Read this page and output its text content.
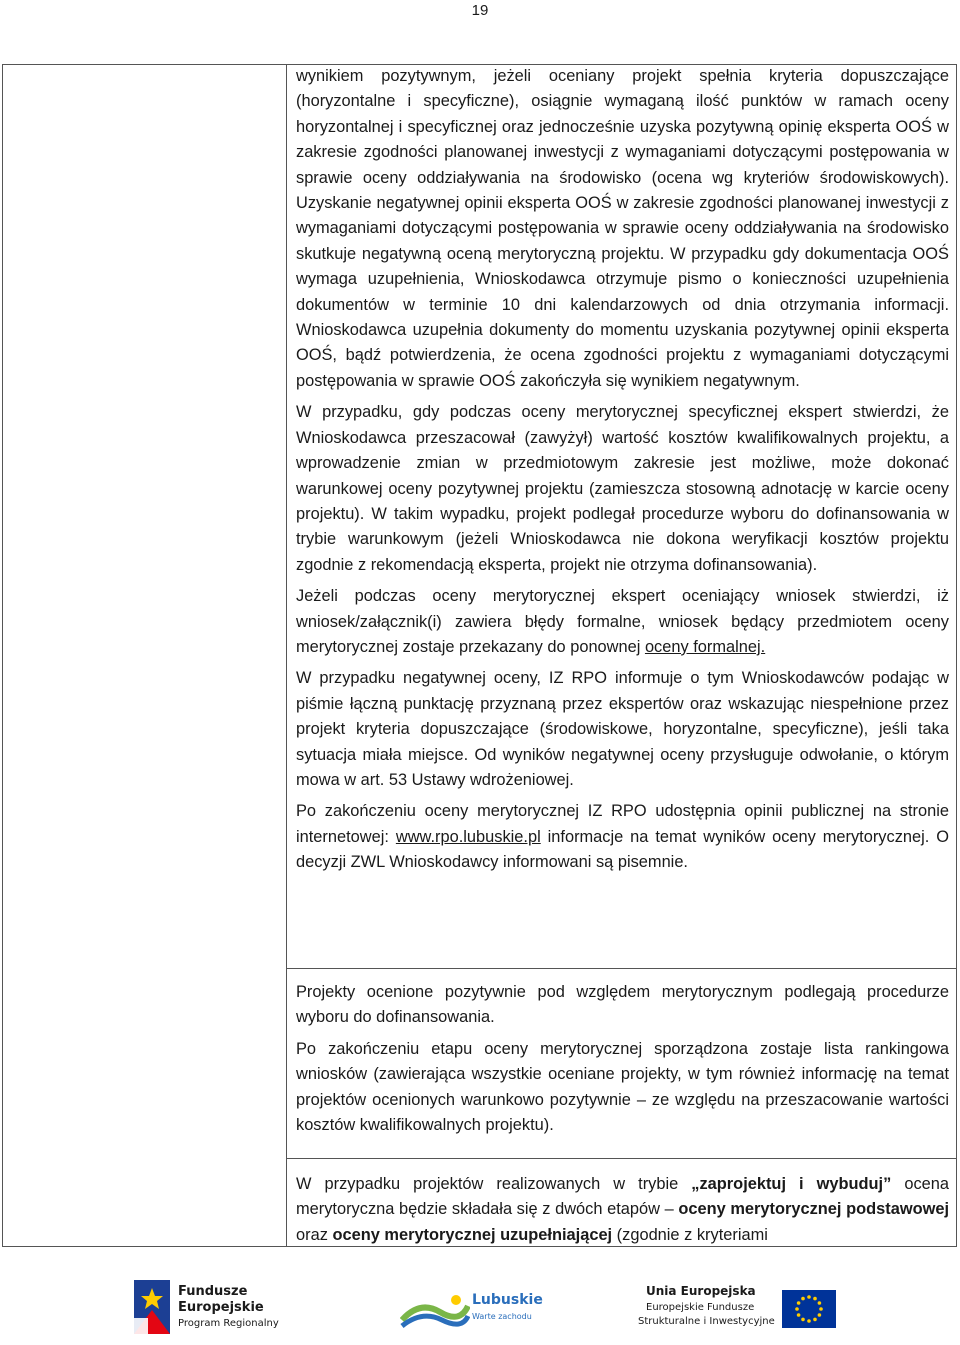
19

wynikiem pozytywnym, jeżeli oceniany projekt spełnia kryteria dopuszczające (horyzontalne i specyficzne), osiągnie wymaganą ilość punktów w ramach oceny horyzontalnej i specyficznej oraz jednocześnie uzyska pozytywną opinię eksperta OOŚ w zakresie zgodności planowanej inwestycji z wymaganiami dotyczącymi postępowania w sprawie oceny oddziaływania na środowisko (ocena wg kryteriów środowiskowych). Uzyskanie negatywnej opinii eksperta OOŚ w zakresie zgodności planowanej inwestycji z wymaganiami dotyczącymi postępowania w sprawie oceny oddziaływania na środowisko skutkuje negatywną oceną merytoryczną projektu. W przypadku gdy dokumentacja OOŚ wymaga uzupełnienia, Wnioskodawca otrzymuje pismo o konieczności uzupełnienia dokumentów w terminie 10 dni kalendarzowych od dnia otrzymania informacji. Wnioskodawca uzupełnia dokumenty do momentu uzyskania pozytywnej opinii eksperta OOŚ, bądź potwierdzenia, że ocena zgodności projektu z wymaganiami dotyczącymi postępowania w sprawie OOŚ zakończyła się wynikiem negatywnym.

W przypadku, gdy podczas oceny merytorycznej specyficznej ekspert stwierdzi, że Wnioskodawca przeszacował (zawyżył) wartość kosztów kwalifikowalnych projektu, a wprowadzenie zmian w przedmiotowym zakresie jest możliwe, może dokonać warunkowej oceny pozytywnej projektu (zamieszcza stosowną adnotację w karcie oceny projektu). W takim wypadku, projekt podlegał procedurze wyboru do dofinansowania w trybie warunkowym (jeżeli Wnioskodawca nie dokona weryfikacji kosztów projektu zgodnie z rekomendacją eksperta, projekt nie otrzyma dofinansowania).

Jeżeli podczas oceny merytorycznej ekspert oceniający wniosek stwierdzi, iż wniosek/załącznik(i) zawiera błędy formalne, wniosek będący przedmiotem oceny merytorycznej zostaje przekazany do ponownej oceny formalnej.

W przypadku negatywnej oceny, IZ RPO informuje o tym Wnioskodawców podając w piśmie łączną punktację przyznaną przez ekspertów oraz wskazując niespełnione przez projekt kryteria dopuszczające (środowiskowe, horyzontalne, specyficzne), jeśli taka sytuacja miała miejsce. Od wyników negatywnej oceny przysługuje odwołanie, o którym mowa w art. 53 Ustawy wdrożeniowej.

Po zakończeniu oceny merytorycznej IZ RPO udostępnia opinii publicznej na stronie internetowej: www.rpo.lubuskie.pl informacje na temat wyników oceny merytorycznej. O decyzji ZWL Wnioskodawcy informowani są pisemnie.

Projekty ocenione pozytywnie pod względem merytorycznym podlegają procedurze wyboru do dofinansowania.

Po zakończeniu etapu oceny merytorycznej sporządzona zostaje lista rankingowa wniosków (zawierająca wszystkie oceniane projekty, w tym również informację na temat projektów ocenionych warunkowo pozytywnie – ze względu na przeszacowanie wartości kosztów kwalifikowalnych projektu).

W przypadku projektów realizowanych w trybie „zaprojektuj i wybuduj” ocena merytoryczna będzie składała się z dwóch etapów – oceny merytorycznej podstawowej oraz oceny merytorycznej uzupełniającej (zgodnie z kryteriami

Fundusze
Europejskie
Program Regionalny
Lubuskie
Warte zachodu
Unia Europejska
Europejskie Fundusze
Strukturalne i Inwestycyjne
